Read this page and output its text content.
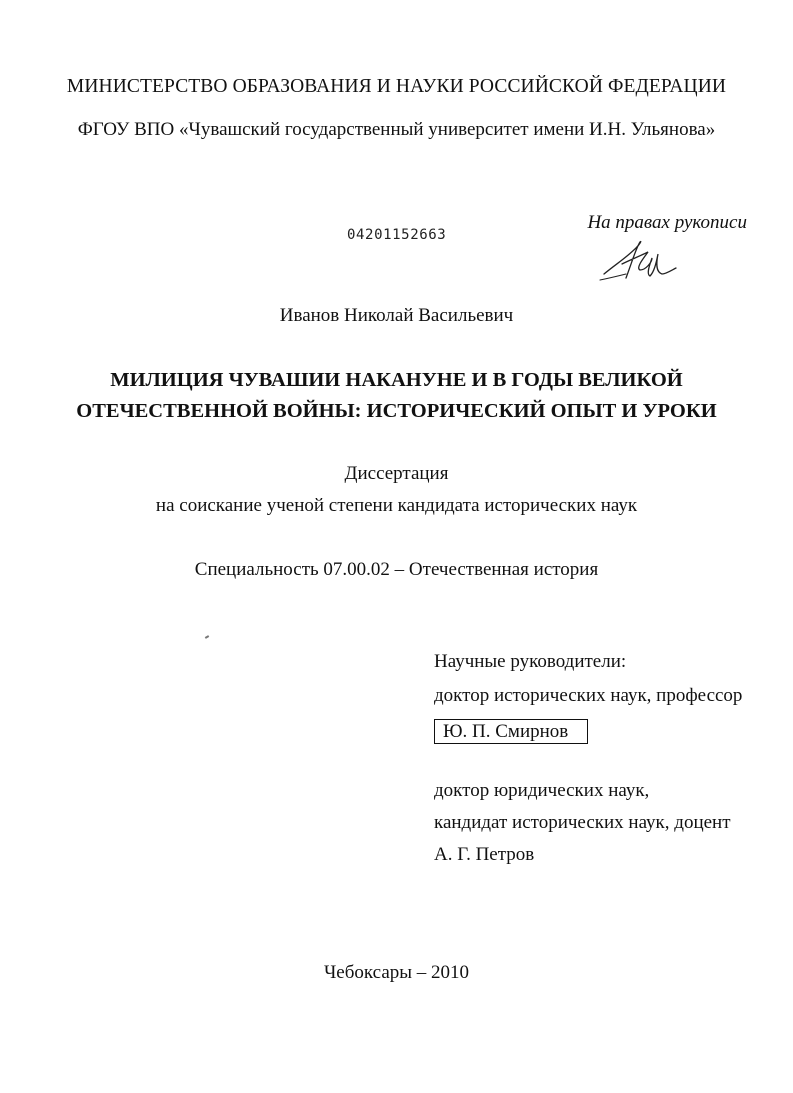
МИНИСТЕРСТВО ОБРАЗОВАНИЯ И НАУКИ РОССИЙСКОЙ ФЕДЕРАЦИИ
ФГОУ ВПО «Чувашский государственный университет имени И.Н. Ульянова»
04201152663
На правах рукописи
Иванов Николай Васильевич
МИЛИЦИЯ ЧУВАШИИ НАКАНУНЕ И В ГОДЫ ВЕЛИКОЙ
ОТЕЧЕСТВЕННОЙ ВОЙНЫ: ИСТОРИЧЕСКИЙ ОПЫТ И УРОКИ
Диссертация
на соискание ученой степени кандидата исторических наук
Специальность 07.00.02 – Отечественная история
Научные руководители:
доктор исторических наук, профессор
Ю. П. Смирнов
доктор юридических наук,
кандидат исторических наук, доцент
А. Г. Петров
Чебоксары – 2010
